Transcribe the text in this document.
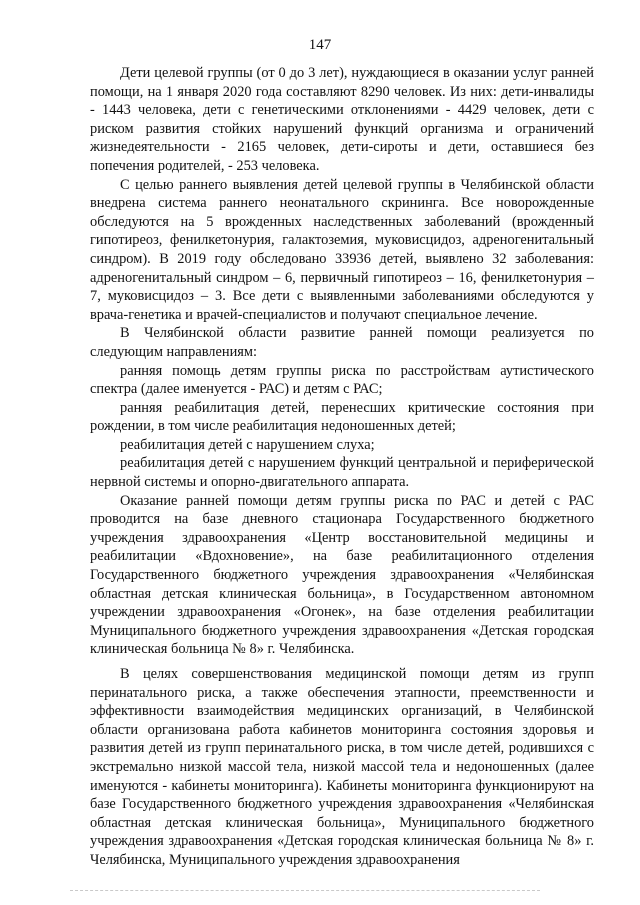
147

Дети целевой группы (от 0 до 3 лет), нуждающиеся в оказании услуг ранней помощи, на 1 января 2020 года составляют 8290 человек. Из них: дети-инвалиды - 1443 человека, дети с генетическими отклонениями - 4429 человек, дети с риском развития стойких нарушений функций организма и ограничений жизнедеятельности - 2165 человек, дети-сироты и дети, оставшиеся без попечения родителей, - 253 человека.

С целью раннего выявления детей целевой группы в Челябинской области внедрена система раннего неонатального скрининга. Все новорожденные обследуются на 5 врожденных наследственных заболеваний (врожденный гипотиреоз, фенилкетонурия, галактоземия, муковисцидоз, адреногенитальный синдром). В 2019 году обследовано 33936 детей, выявлено 32 заболевания: адреногенитальный синдром – 6, первичный гипотиреоз – 16, фенилкетонурия – 7, муковисцидоз – 3. Все дети с выявленными заболеваниями обследуются у врача-генетика и врачей-специалистов и получают специальное лечение.

В Челябинской области развитие ранней помощи реализуется по следующим направлениям:

ранняя помощь детям группы риска по расстройствам аутистического спектра (далее именуется - РАС) и детям с РАС;

ранняя реабилитация детей, перенесших критические состояния при рождении, в том числе реабилитация недоношенных детей;

реабилитация детей с нарушением слуха;

реабилитация детей с нарушением функций центральной и периферической нервной системы и опорно-двигательного аппарата.

Оказание ранней помощи детям группы риска по РАС и детей с РАС проводится на базе дневного стационара Государственного бюджетного учреждения здравоохранения «Центр восстановительной медицины и реабилитации «Вдохновение», на базе реабилитационного отделения Государственного бюджетного учреждения здравоохранения «Челябинская областная детская клиническая больница», в Государственном автономном учреждении здравоохранения «Огонек», на базе отделения реабилитации Муниципального бюджетного учреждения здравоохранения «Детская городская клиническая больница № 8» г. Челябинска.

В целях совершенствования медицинской помощи детям из групп перинатального риска, а также обеспечения этапности, преемственности и эффективности взаимодействия медицинских организаций, в Челябинской области организована работа кабинетов мониторинга состояния здоровья и развития детей из групп перинатального риска, в том числе детей, родившихся с экстремально низкой массой тела, низкой массой тела и недоношенных (далее именуются - кабинеты мониторинга). Кабинеты мониторинга функционируют на базе Государственного бюджетного учреждения здравоохранения «Челябинская областная детская клиническая больница», Муниципального бюджетного учреждения здравоохранения «Детская городская клиническая больница № 8» г. Челябинска, Муниципального учреждения здравоохранения
